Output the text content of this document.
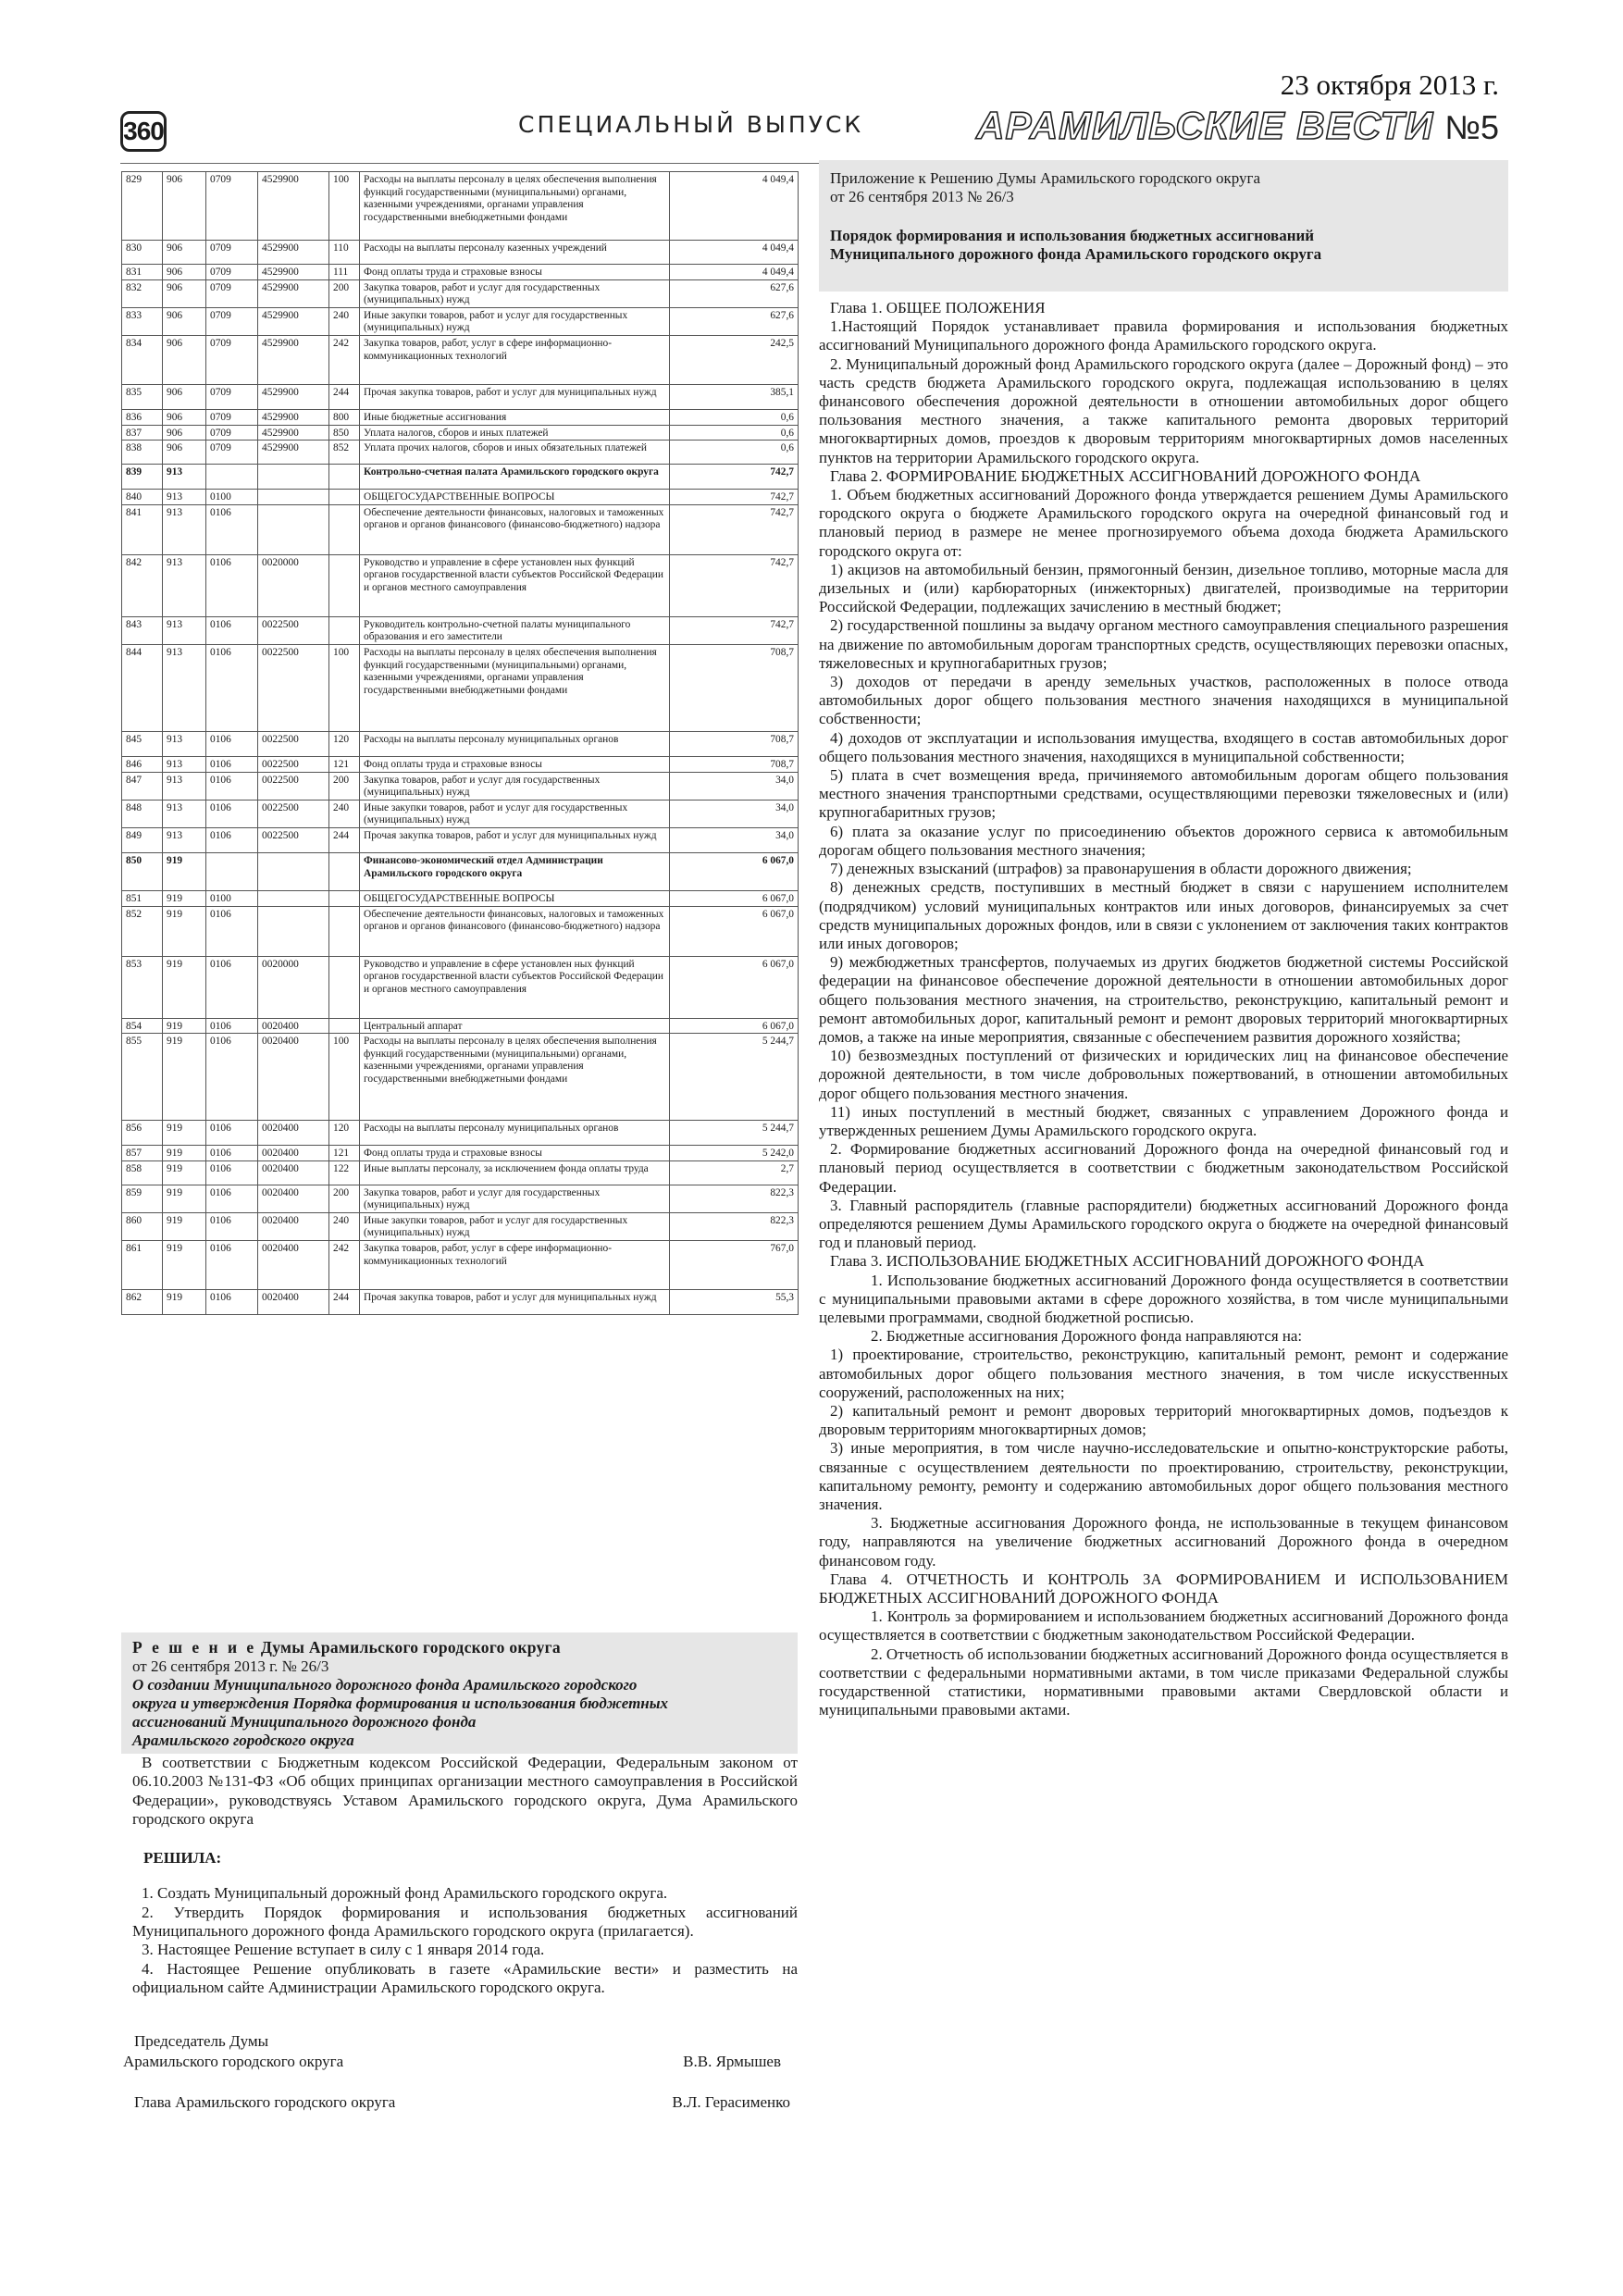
360	СПЕЦИАЛЬНЫЙ ВЫПУСК
23 октября 2013 г.
АРАМИЛЬСКИЕ ВЕСТИ №5
829	906	0709	4529900	100	Расходы на выплаты персоналу в целях обеспечения выполнения функций государственными (муниципальными) органами, казенными учреждениями, органами управления государственными внебюджетными фондами	4 049,4
830	906	0709	4529900	110	Расходы на выплаты персоналу казенных учреждений	4 049,4
831	906	0709	4529900	111	Фонд оплаты труда и страховые взносы	4 049,4
832	906	0709	4529900	200	Закупка товаров, работ и услуг для государственных (муниципальных) нужд	627,6
833	906	0709	4529900	240	Иные закупки товаров, работ и услуг для государственных (муниципальных) нужд	627,6
834	906	0709	4529900	242	Закупка товаров, работ, услуг в сфере информационно-коммуникационных технологий	242,5
835	906	0709	4529900	244	Прочая закупка товаров, работ и услуг для муниципальных нужд	385,1
836	906	0709	4529900	800	Иные бюджетные ассигнования	0,6
837	906	0709	4529900	850	Уплата налогов, сборов и иных платежей	0,6
838	906	0709	4529900	852	Уплата прочих налогов, сборов и иных обязательных платежей	0,6
839	913				Контрольно-счетная палата Арамильского городского округа	742,7
840	913	0100			ОБЩЕГОСУДАРСТВЕННЫЕ ВОПРОСЫ	742,7
841	913	0106			Обеспечение деятельности финансовых, налоговых и таможенных органов и органов финансового (финансово-бюджетного) надзора	742,7
842	913	0106	0020000		Руководство и управление в сфере установлен ных функций органов государственной власти субъектов Российской Федерации и органов местного самоуправления	742,7
843	913	0106	0022500		Руководитель контрольно-счетной палаты муниципального образования и его заместители	742,7
844	913	0106	0022500	100	Расходы на выплаты персоналу в целях обеспечения выполнения функций государственными (муниципальными) органами, казенными учреждениями, органами управления государственными внебюджетными фондами	708,7
845	913	0106	0022500	120	Расходы на выплаты персоналу муниципальных органов	708,7
846	913	0106	0022500	121	Фонд оплаты труда и страховые взносы	708,7
847	913	0106	0022500	200	Закупка товаров, работ и услуг для государственных (муниципальных) нужд	34,0
848	913	0106	0022500	240	Иные закупки товаров, работ и услуг для государственных (муниципальных) нужд	34,0
849	913	0106	0022500	244	Прочая закупка товаров, работ и услуг для муниципальных нужд	34,0
850	919				Финансово-экономический отдел Администрации Арамильского городского округа	6 067,0
851	919	0100			ОБЩЕГОСУДАРСТВЕННЫЕ ВОПРОСЫ	6 067,0
852	919	0106			Обеспечение деятельности финансовых, налоговых и таможенных органов и органов финансового (финансово-бюджетного) надзора	6 067,0
853	919	0106	0020000		Руководство и управление в сфере установлен ных функций органов государственной власти субъектов Российской Федерации и органов местного самоуправления	6 067,0
854	919	0106	0020400		Центральный аппарат	6 067,0
855	919	0106	0020400	100	Расходы на выплаты персоналу в целях обеспечения выполнения функций государственными (муниципальными) органами, казенными учреждениями, органами управления государственными внебюджетными фондами	5 244,7
856	919	0106	0020400	120	Расходы на выплаты персоналу муниципальных органов	5 244,7
857	919	0106	0020400	121	Фонд оплаты труда и страховые взносы	5 242,0
858	919	0106	0020400	122	Иные выплаты персоналу, за исключением фонда оплаты труда	2,7
859	919	0106	0020400	200	Закупка товаров, работ и услуг для государственных (муниципальных) нужд	822,3
860	919	0106	0020400	240	Иные закупки товаров, работ и услуг для государственных (муниципальных) нужд	822,3
861	919	0106	0020400	242	Закупка товаров, работ, услуг в сфере информационно-коммуникационных технологий	767,0
862	919	0106	0020400	244	Прочая закупка товаров, работ и услуг для муниципальных нужд	55,3
Р е ш е н и е Думы Арамильского городского округа
от 26 сентября 2013 г. № 26/3
О создании Муниципального дорожного фонда Арамильского городского
округа и утверждения Порядка формирования и использования бюджетных
ассигнований Муниципального дорожного фонда
Арамильского городского округа

В соответствии с Бюджетным кодексом Российской Федерации, Федеральным законом от 06.10.2003 №131-ФЗ «Об общих принципах организации местного самоуправления в Российской Федерации», руководствуясь Уставом Арамильского городского округа, Дума Арамильского городского округа

РЕШИЛА:

1. Создать Муниципальный дорожный фонд Арамильского городского округа.

2. Утвердить Порядок формирования и использования бюджетных ассигнований Муниципального дорожного фонда Арамильского городского округа (прилагается).

3. Настоящее Решение вступает в силу с 1 января 2014 года.

4. Настоящее Решение опубликовать в газете «Арамильские вести» и разместить на официальном сайте Администрации Арамильского городского округа.

Председатель Думы
Арамильского городского округа	В.В. Ярмышев
Глава Арамильского городского округа	В.Л. Герасименко
Приложение к Решению Думы Арамильского городского округа
от 26 сентября 2013 № 26/3
Порядок формирования и использования бюджетных ассигнований
Муниципального дорожного фонда Арамильского городского округа

Глава 1. ОБЩЕЕ ПОЛОЖЕНИЯ

1.Настоящий Порядок устанавливает правила формирования и использования бюджетных ассигнований Муниципального дорожного фонда Арамильского городского округа.

2. Муниципальный дорожный фонд Арамильского городского округа (далее – Дорожный фонд) – это часть средств бюджета Арамильского городского округа, подлежащая использованию в целях финансового обеспечения дорожной деятельности в отношении автомобильных дорог общего пользования местного значения, а также капитального ремонта дворовых территорий многоквартирных домов, проездов к дворовым территориям многоквартирных домов населенных пунктов на территории Арамильского городского округа.

Глава 2. ФОРМИРОВАНИЕ БЮДЖЕТНЫХ АССИГНОВАНИЙ ДОРОЖНОГО ФОНДА

1. Объем бюджетных ассигнований Дорожного фонда утверждается решением Думы Арамильского городского округа о бюджете Арамильского городского округа на очередной финансовый год и плановый период в размере не менее прогнозируемого объема дохода бюджета Арамильского городского округа от:

1) акцизов на автомобильный бензин, прямогонный бензин, дизельное топливо, моторные масла для дизельных и (или) карбюраторных (инжекторных) двигателей, производимые на территории Российской Федерации, подлежащих зачислению в местный бюджет;

2) государственной пошлины за выдачу органом местного самоуправления специального разрешения на движение по автомобильным дорогам транспортных средств, осуществляющих перевозки опасных, тяжеловесных и крупногабаритных грузов;

3) доходов от передачи в аренду земельных участков, расположенных в полосе отвода автомобильных дорог общего пользования местного значения находящихся в муниципальной собственности;

4) доходов от эксплуатации и использования имущества, входящего в состав автомобильных дорог общего пользования местного значения, находящихся в муниципальной собственности;

5) плата в счет возмещения вреда, причиняемого автомобильным дорогам общего пользования местного значения транспортными средствами, осуществляющими перевозки тяжеловесных и (или) крупногабаритных грузов;

6) плата за оказание услуг по присоединению объектов дорожного сервиса к автомобильным дорогам общего пользования местного значения;

7) денежных взысканий (штрафов) за правонарушения в области дорожного движения;

8) денежных средств, поступивших в местный бюджет в связи с нарушением исполнителем (подрядчиком) условий муниципальных контрактов или иных договоров, финансируемых за счет средств муниципальных дорожных фондов, или в связи с уклонением от заключения таких контрактов или иных договоров;

9) межбюджетных трансфертов, получаемых из других бюджетов бюджетной системы Российской федерации на финансовое обеспечение дорожной деятельности в отношении автомобильных дорог общего пользования местного значения, на строительство, реконструкцию, капитальный ремонт и ремонт автомобильных дорог, капитальный ремонт и ремонт дворовых территорий многоквартирных домов, а также на иные мероприятия, связанные с обеспечением развития дорожного хозяйства;

10) безвозмездных поступлений от физических и юридических лиц на финансовое обеспечение дорожной деятельности, в том числе добровольных пожертвований, в отношении автомобильных дорог общего пользования местного значения.

11) иных поступлений в местный бюджет, связанных с управлением Дорожного фонда и утвержденных решением Думы Арамильского городского округа.

2. Формирование бюджетных ассигнований Дорожного фонда на очередной финансовый год и плановый период осуществляется в соответствии с бюджетным законодательством Российской Федерации.

3. Главный распорядитель (главные распорядители) бюджетных ассигнований Дорожного фонда определяются решением Думы Арамильского городского округа о бюджете на очередной финансовый год и плановый период.

Глава 3. ИСПОЛЬЗОВАНИЕ БЮДЖЕТНЫХ АССИГНОВАНИЙ ДОРОЖНОГО ФОНДА

1. Использование бюджетных ассигнований Дорожного фонда осуществляется в соответствии с муниципальными правовыми актами в сфере дорожного хозяйства, в том числе муниципальными целевыми программами, сводной бюджетной росписью.

2. Бюджетные ассигнования Дорожного фонда направляются на:

1) проектирование, строительство, реконструкцию, капитальный ремонт, ремонт и содержание автомобильных дорог общего пользования местного значения, в том числе искусственных сооружений, расположенных на них;

2) капитальный ремонт и ремонт дворовых территорий многоквартирных домов, подъездов к дворовым территориям многоквартирных домов;

3) иные мероприятия, в том числе научно-исследовательские и опытно-конструкторские работы, связанные с осуществлением деятельности по проектированию, строительству, реконструкции, капитальному ремонту, ремонту и содержанию автомобильных дорог общего пользования местного значения.

3. Бюджетные ассигнования Дорожного фонда, не использованные в текущем финансовом году, направляются на увеличение бюджетных ассигнований Дорожного фонда в очередном финансовом году.

Глава 4. ОТЧЕТНОСТЬ И КОНТРОЛЬ ЗА ФОРМИРОВАНИЕМ И ИСПОЛЬЗОВАНИЕМ БЮДЖЕТНЫХ АССИГНОВАНИЙ ДОРОЖНОГО ФОНДА

1. Контроль за формированием и использованием бюджетных ассигнований Дорожного фонда осуществляется в соответствии с бюджетным законодательством Российской Федерации.

2. Отчетность об использовании бюджетных ассигнований Дорожного фонда осуществляется в соответствии с федеральными нормативными актами, в том числе приказами Федеральной службы государственной статистики, нормативными правовыми актами Свердловской области и муниципальными правовыми актами.
